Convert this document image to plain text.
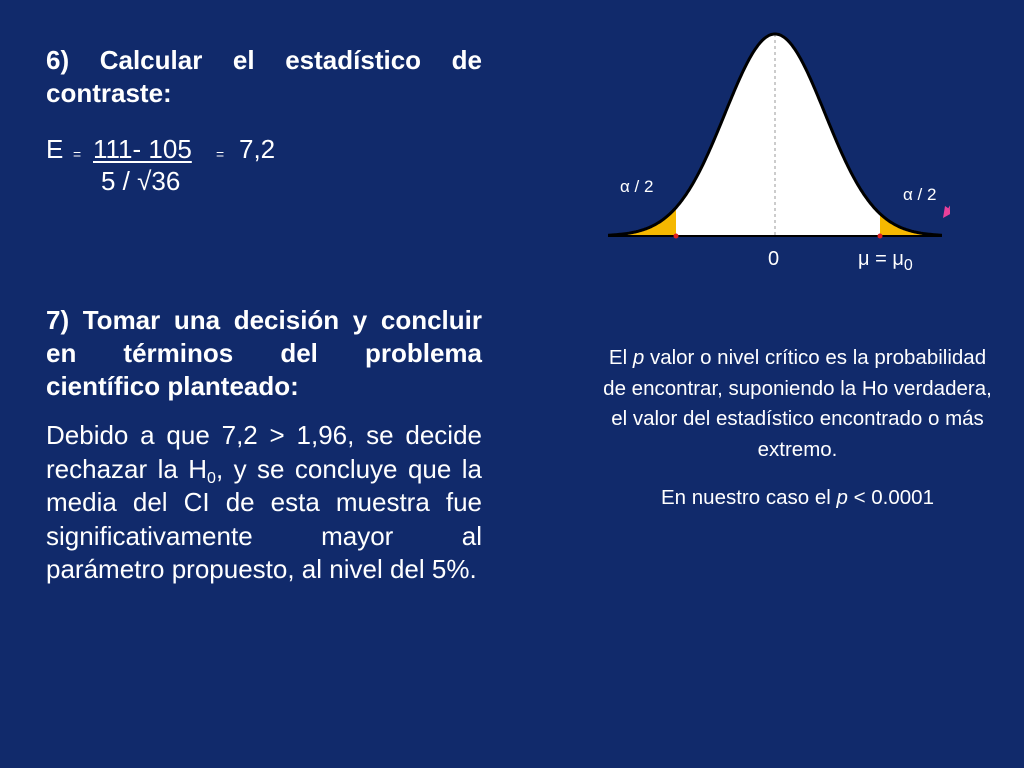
6) Calcular el estadístico de contraste:

E = 111- 105 = 7,2
5 / √36

7) Tomar una decisión y concluir en términos del problema científico planteado:

Debido a que 7,2 > 1,96, se decide rechazar la $H_0$, y se concluye que la media del CI de esta muestra fue significativamente mayor al parámetro propuesto, al nivel del 5%.

α / 2	α / 2
0	$\mu = \mu_0$

El p valor o nivel crítico es la probabilidad de encontrar, suponiendo la Ho verdadera, el valor del estadístico encontrado o más extremo.

En nuestro caso el p < 0.0001
